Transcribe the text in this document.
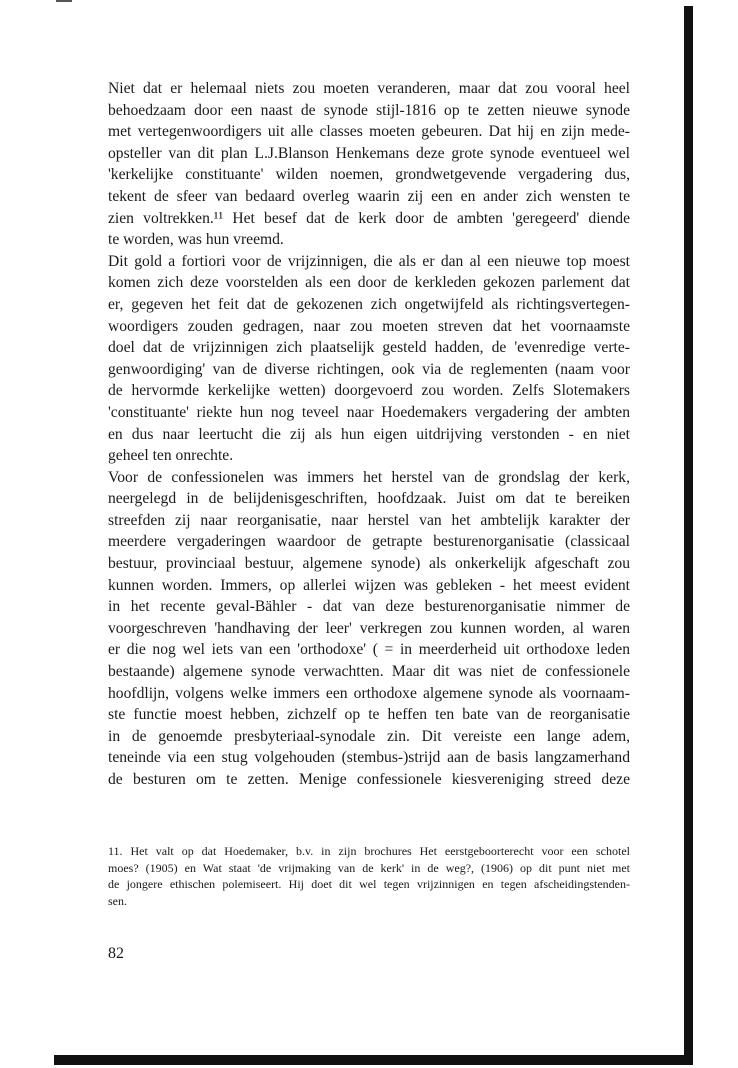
Niet dat er helemaal niets zou moeten veranderen, maar dat zou vooral heel
behoedzaam door een naast de synode stijl-1816 op te zetten nieuwe synode
met vertegenwoordigers uit alle classes moeten gebeuren. Dat hij en zijn mede-
opsteller van dit plan L.J.Blanson Henkemans deze grote synode eventueel wel
'kerkelijke constituante' wilden noemen, grondwetgevende vergadering dus,
tekent de sfeer van bedaard overleg waarin zij een en ander zich wensten te
zien voltrekken.¹¹ Het besef dat de kerk door de ambten 'geregeerd' diende
te worden, was hun vreemd.
Dit gold a fortiori voor de vrijzinnigen, die als er dan al een nieuwe top moest
komen zich deze voorstelden als een door de kerkleden gekozen parlement dat
er, gegeven het feit dat de gekozenen zich ongetwijfeld als richtingsvertegen-
woordigers zouden gedragen, naar zou moeten streven dat het voornaamste
doel dat de vrijzinnigen zich plaatselijk gesteld hadden, de 'evenredige verte-
genwoordiging' van de diverse richtingen, ook via de reglementen (naam voor
de hervormde kerkelijke wetten) doorgevoerd zou worden. Zelfs Slotemakers
'constituante' riekte hun nog teveel naar Hoedemakers vergadering der ambten
en dus naar leertucht die zij als hun eigen uitdrijving verstonden - en niet
geheel ten onrechte.
Voor de confessionelen was immers het herstel van de grondslag der kerk,
neergelegd in de belijdenisgeschriften, hoofdzaak. Juist om dat te bereiken
streefden zij naar reorganisatie, naar herstel van het ambtelijk karakter der
meerdere vergaderingen waardoor de getrapte besturenorganisatie (classicaal
bestuur, provinciaal bestuur, algemene synode) als onkerkelijk afgeschaft zou
kunnen worden. Immers, op allerlei wijzen was gebleken - het meest evident
in het recente geval-Bähler - dat van deze besturenorganisatie nimmer de
voorgeschreven 'handhaving der leer' verkregen zou kunnen worden, al waren
er die nog wel iets van een 'orthodoxe' ( = in meerderheid uit orthodoxe leden
bestaande) algemene synode verwachtten. Maar dit was niet de confessionele
hoofdlijn, volgens welke immers een orthodoxe algemene synode als voornaam-
ste functie moest hebben, zichzelf op te heffen ten bate van de reorganisatie
in de genoemde presbyteriaal-synodale zin. Dit vereiste een lange adem,
teneinde via een stug volgehouden (stembus-)strijd aan de basis langzamerhand
de besturen om te zetten. Menige confessionele kiesvereniging streed deze
11. Het valt op dat Hoedemaker, b.v. in zijn brochures Het eerstgeboorterecht voor een schotel
moes? (1905) en Wat staat 'de vrijmaking van de kerk' in de weg?, (1906) op dit punt niet met
de jongere ethischen polemiseert. Hij doet dit wel tegen vrijzinnigen en tegen afscheidingstenden-
sen.
82
